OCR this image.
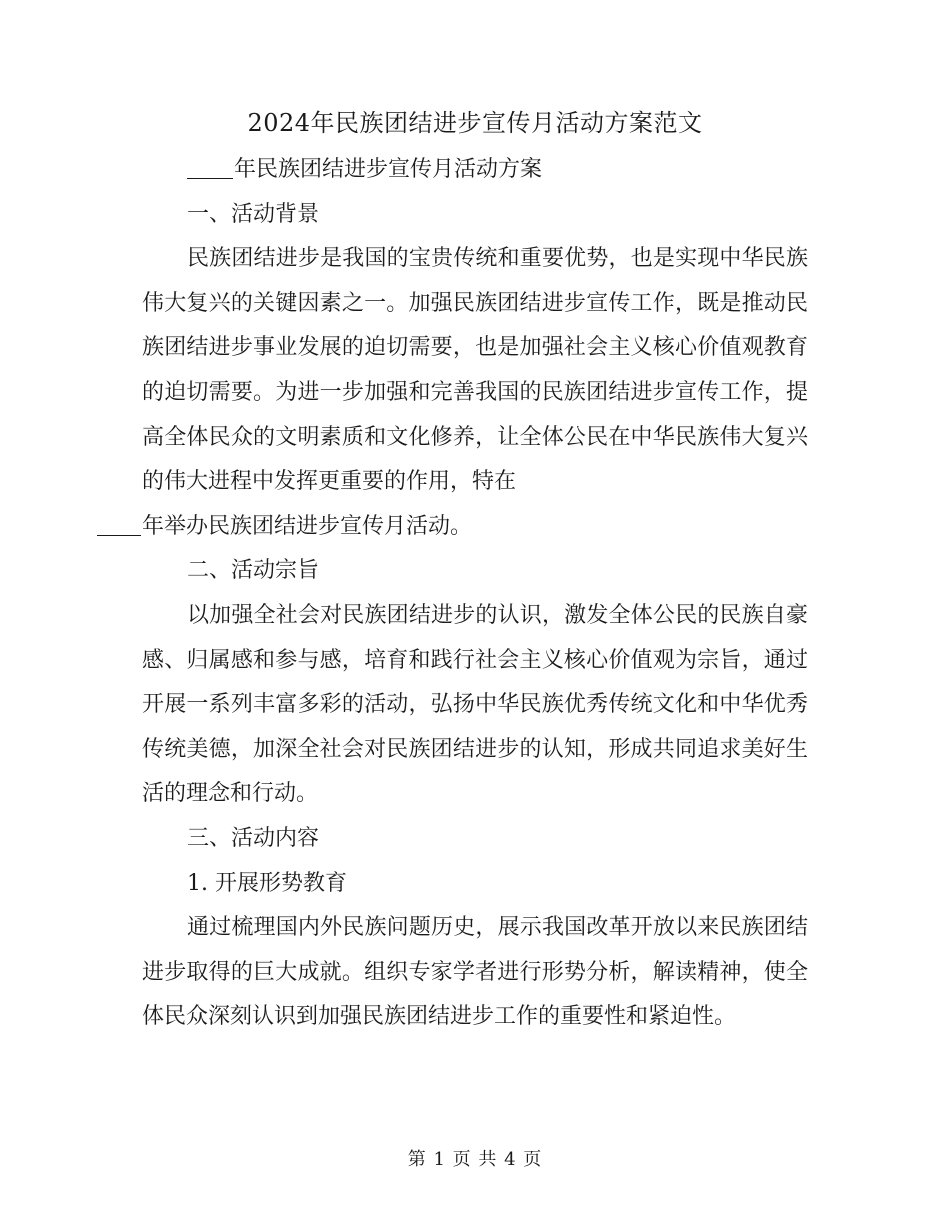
2024年民族团结进步宣传月活动方案范文

年民族团结进步宣传月活动方案

一、活动背景

民族团结进步是我国的宝贵传统和重要优势，也是实现中华民族伟大复兴的关键因素之一。加强民族团结进步宣传工作，既是推动民族团结进步事业发展的迫切需要，也是加强社会主义核心价值观教育的迫切需要。为进一步加强和完善我国的民族团结进步宣传工作，提高全体民众的文明素质和文化修养，让全体公民在中华民族伟大复兴的伟大进程中发挥更重要的作用，特在
年举办民族团结进步宣传月活动。

二、活动宗旨

以加强全社会对民族团结进步的认识，激发全体公民的民族自豪感、归属感和参与感，培育和践行社会主义核心价值观为宗旨，通过开展一系列丰富多彩的活动，弘扬中华民族优秀传统文化和中华优秀传统美德，加深全社会对民族团结进步的认知，形成共同追求美好生活的理念和行动。

三、活动内容

1. 开展形势教育

通过梳理国内外民族问题历史，展示我国改革开放以来民族团结进步取得的巨大成就。组织专家学者进行形势分析，解读精神，使全体民众深刻认识到加强民族团结进步工作的重要性和紧迫性。

第 1 页 共 4 页
